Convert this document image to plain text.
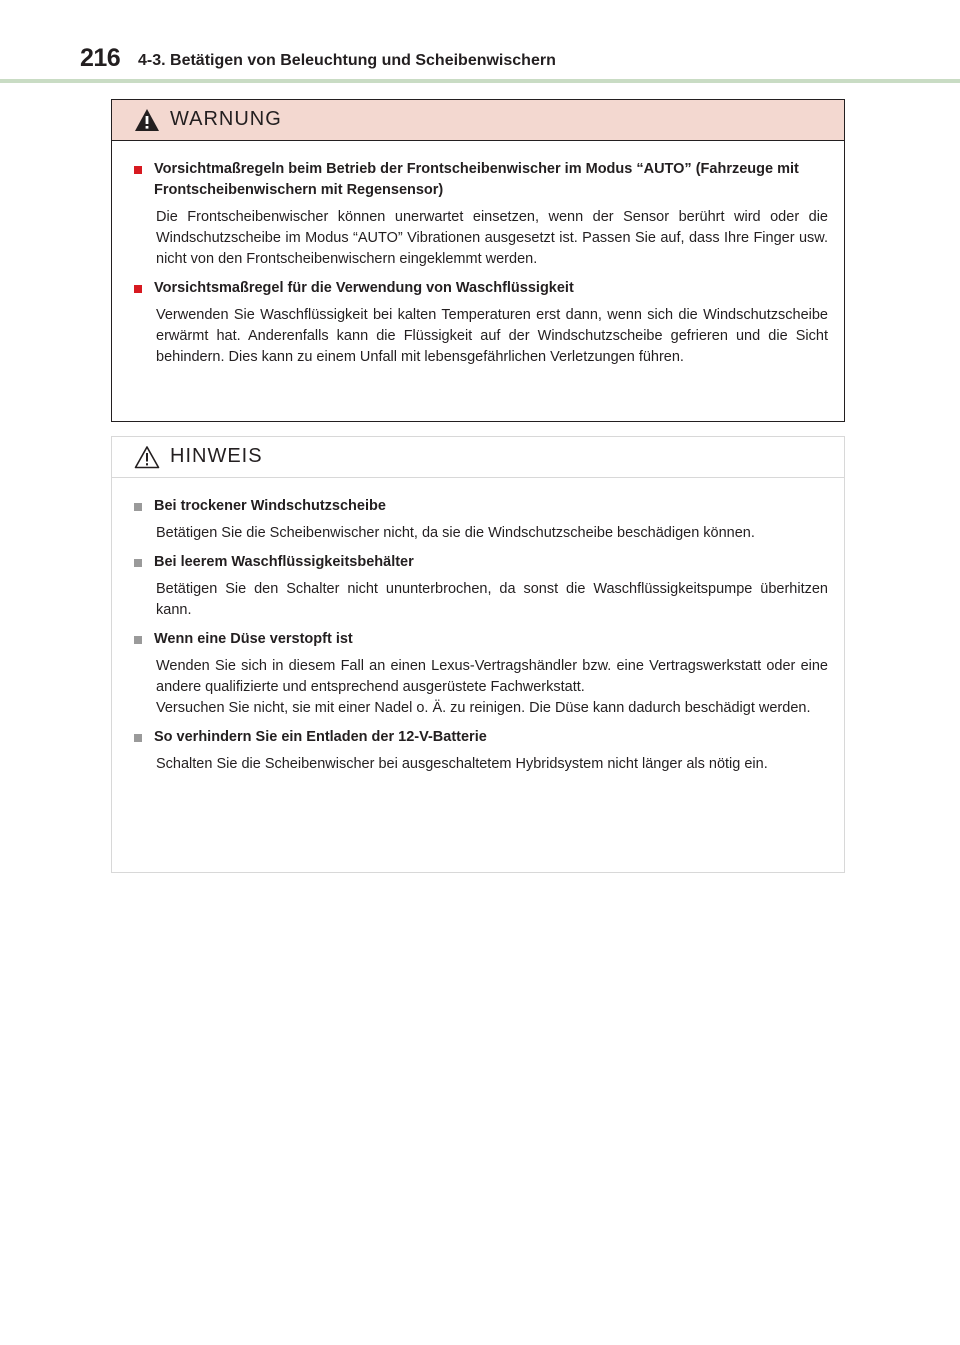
216 4-3. Betätigen von Beleuchtung und Scheibenwischern
WARNUNG
Vorsichtmaßregeln beim Betrieb der Frontscheibenwischer im Modus “AUTO” (Fahrzeuge mit Frontscheibenwischern mit Regensensor)

Die Frontscheibenwischer können unerwartet einsetzen, wenn der Sensor berührt wird oder die Windschutzscheibe im Modus “AUTO” Vibrationen ausgesetzt ist. Passen Sie auf, dass Ihre Finger usw. nicht von den Frontscheibenwischern eingeklemmt werden.

Vorsichtsmaßregel für die Verwendung von Waschflüssigkeit

Verwenden Sie Waschflüssigkeit bei kalten Temperaturen erst dann, wenn sich die Windschutzscheibe erwärmt hat. Anderenfalls kann die Flüssigkeit auf der Windschutzscheibe gefrieren und die Sicht behindern. Dies kann zu einem Unfall mit lebensgefährlichen Verletzungen führen.

HINWEIS
Bei trockener Windschutzscheibe

Betätigen Sie die Scheibenwischer nicht, da sie die Windschutzscheibe beschädigen können.

Bei leerem Waschflüssigkeitsbehälter

Betätigen Sie den Schalter nicht ununterbrochen, da sonst die Waschflüssigkeitspumpe überhitzen kann.

Wenn eine Düse verstopft ist

Wenden Sie sich in diesem Fall an einen Lexus-Vertragshändler bzw. eine Vertragswerkstatt oder eine andere qualifizierte und entsprechend ausgerüstete Fachwerkstatt.

Versuchen Sie nicht, sie mit einer Nadel o. Ä. zu reinigen. Die Düse kann dadurch beschädigt werden.

So verhindern Sie ein Entladen der 12-V-Batterie

Schalten Sie die Scheibenwischer bei ausgeschaltetem Hybridsystem nicht länger als nötig ein.
